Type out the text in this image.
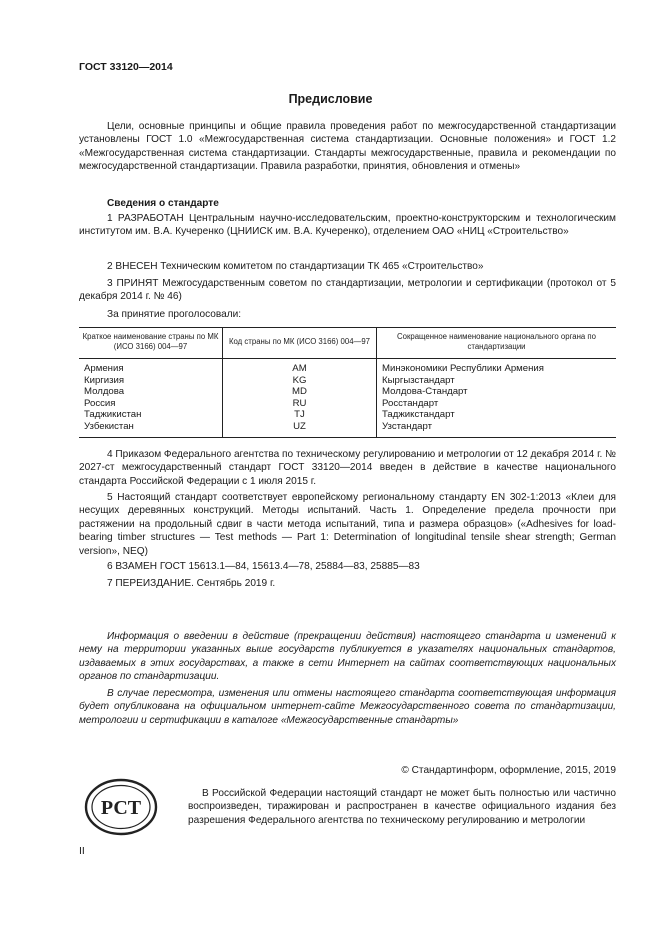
ГОСТ 33120—2014
Предисловие
Цели, основные принципы и общие правила проведения работ по межгосударственной стандартизации установлены ГОСТ 1.0 «Межгосударственная система стандартизации. Основные положения» и ГОСТ 1.2 «Межгосударственная система стандартизации. Стандарты межгосударственные, правила и рекомендации по межгосударственной стандартизации. Правила разработки, принятия, обновления и отмены»
Сведения о стандарте
1 РАЗРАБОТАН Центральным научно-исследовательским, проектно-конструкторским и технологическим институтом им. В.А. Кучеренко (ЦНИИСК им. В.А. Кучеренко), отделением ОАО «НИЦ «Строительство»
2 ВНЕСЕН Техническим комитетом по стандартизации ТК 465 «Строительство»
3 ПРИНЯТ Межгосударственным советом по стандартизации, метрологии и сертификации (протокол от 5 декабря 2014 г. № 46)
За принятие проголосовали:
Краткое наименование страны по МК (ИСО 3166) 004—97	Код страны по МК (ИСО 3166) 004—97	Сокращенное наименование национального органа по стандартизации
Армения	AM	Минэкономики Республики Армения
Киргизия	KG	Кыргызстандарт
Молдова	MD	Молдова-Стандарт
Россия	RU	Росстандарт
Таджикистан	TJ	Таджикстандарт
Узбекистан	UZ	Узстандарт
4 Приказом Федерального агентства по техническому регулированию и метрологии от 12 декабря 2014 г. № 2027-ст межгосударственный стандарт ГОСТ 33120—2014 введен в действие в качестве национального стандарта Российской Федерации с 1 июля 2015 г.
5 Настоящий стандарт соответствует европейскому региональному стандарту EN 302-1:2013 «Клеи для несущих деревянных конструкций. Методы испытаний. Часть 1. Определение предела прочности при растяжении на продольный сдвиг в части метода испытаний, типа и размера образцов» («Adhesives for load-bearing timber structures — Test methods — Part 1: Determination of longitudinal tensile shear strength; German version», NEQ)
6 ВЗАМЕН ГОСТ 15613.1—84, 15613.4—78, 25884—83, 25885—83
7 ПЕРЕИЗДАНИЕ. Сентябрь 2019 г.
Информация о введении в действие (прекращении действия) настоящего стандарта и изменений к нему на территории указанных выше государств публикуется в указателях национальных стандартов, издаваемых в этих государствах, а также в сети Интернет на сайтах соответствующих национальных органов по стандартизации.
В случае пересмотра, изменения или отмены настоящего стандарта соответствующая информация будет опубликована на официальном интернет-сайте Межгосударственного совета по стандартизации, метрологии и сертификации в каталоге «Межгосударственные стандарты»
© Стандартинформ, оформление, 2015, 2019
РСТ
В Российской Федерации настоящий стандарт не может быть полностью или частично воспроизведен, тиражирован и распространен в качестве официального издания без разрешения Федерального агентства по техническому регулированию и метрологии
II
